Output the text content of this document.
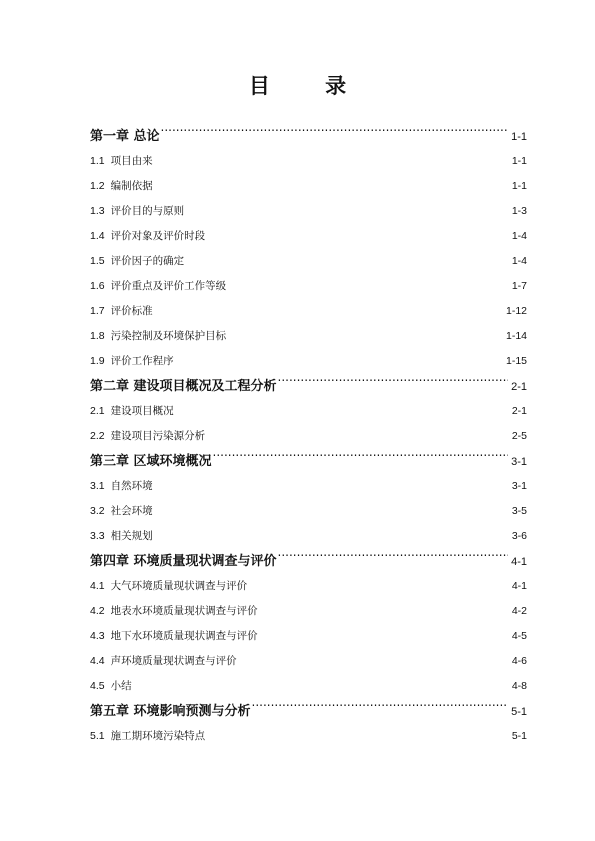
目 录
第一章 总论 .....	1-1
1.1 项目由来 .....	1-1
1.2 编制依据 .....	1-1
1.3 评价目的与原则 .....	1-3
1.4 评价对象及评价时段 .....	1-4
1.5 评价因子的确定 .....	1-4
1.6 评价重点及评价工作等级 .....	1-7
1.7 评价标准 .....	1-12
1.8 污染控制及环境保护目标 .....	1-14
1.9 评价工作程序 .....	1-15
第二章 建设项目概况及工程分析 .....	2-1
2.1 建设项目概况 .....	2-1
2.2 建设项目污染源分析 .....	2-5
第三章 区域环境概况 .....	3-1
3.1 自然环境 .....	3-1
3.2 社会环境 .....	3-5
3.3 相关规划 .....	3-6
第四章 环境质量现状调查与评价 .....	4-1
4.1 大气环境质量现状调查与评价 .....	4-1
4.2 地表水环境质量现状调查与评价 .....	4-2
4.3 地下水环境质量现状调查与评价 .....	4-5
4.4 声环境质量现状调查与评价 .....	4-6
4.5 小结 .....	4-8
第五章 环境影响预测与分析 .....	5-1
5.1 施工期环境污染特点 .....	5-1
